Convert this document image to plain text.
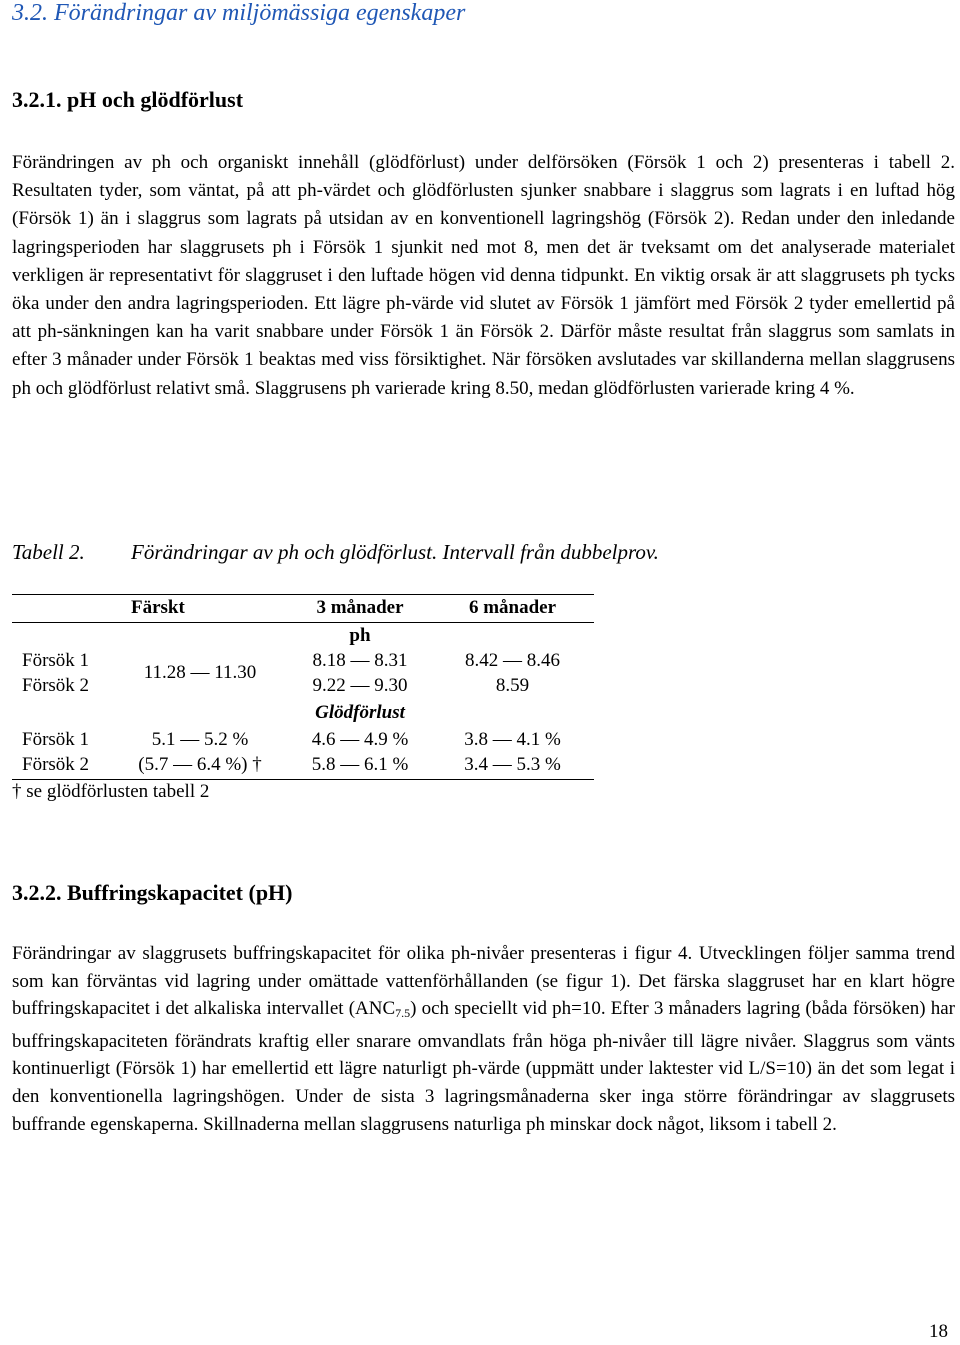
3.2. Förändringar av miljömässiga egenskaper
3.2.1. pH och glödförlust

Förändringen av ph och organiskt innehåll (glödförlust) under delförsöken (Försök 1 och 2) presenteras i tabell 2. Resultaten tyder, som väntat, på att ph-värdet och glödförlusten sjunker snabbare i slaggrus som lagrats i en luftad hög (Försök 1) än i slaggrus som lagrats på utsidan av en konventionell lagringshög (Försök 2). Redan under den inledande lagringsperioden har slaggrusets ph i Försök 1 sjunkit ned mot 8, men det är tveksamt om det analyserade materialet verkligen är representativt för slaggruset i den luftade högen vid denna tidpunkt. En viktig orsak är att slaggrusets ph tycks öka under den andra lagringsperioden. Ett lägre ph-värde vid slutet av Försök 1 jämfört med Försök 2 tyder emellertid på att ph-sänkningen kan ha varit snabbare under Försök 1 än Försök 2. Därför måste resultat från slaggrus som samlats in efter 3 månader under Försök 1 beaktas med viss försiktighet. När försöken avslutades var skillanderna mellan slaggrusens ph och glödförlust relativt små. Slaggrusens ph varierade kring 8.50, medan glödförlusten varierade kring 4 %.

Tabell 2. Förändringar av ph och glödförlust. Intervall från dubbelprov.
Färskt	3 månader	6 månader
ph
Försök 1
Försök 2
11.28 — 11.30
8.18 — 8.31
9.22 — 9.30
8.42 — 8.46
8.59
Glödförlust
Försök 1
Försök 2
5.1 — 5.2 %
(5.7 — 6.4 %) †
4.6 — 4.9 %
5.8 — 6.1 %
3.8 — 4.1 %
3.4 — 5.3 %
† se glödförlusten tabell 2
3.2.2. Buffringskapacitet (pH)

Förändringar av slaggrusets buffringskapacitet för olika ph-nivåer presenteras i figur 4. Utvecklingen följer samma trend som kan förväntas vid lagring under omättade vattenförhållanden (se figur 1). Det färska slaggruset har en klart högre buffringskapacitet i det alkaliska intervallet $(ANC_{7.5})$ och speciellt vid ph=10. Efter 3 månaders lagring (båda försöken) har buffringskapaciteten förändrats kraftig eller snarare omvandlats från höga ph-nivåer till lägre nivåer. Slaggrus som vänts kontinuerligt (Försök 1) har emellertid ett lägre naturligt ph-värde (uppmätt under laktester vid L/S=10) än det som legat i den konventionella lagringshögen. Under de sista 3 lagringsmånaderna sker inga större förändringar av slaggrusets buffrande egenskaperna. Skillnaderna mellan slaggrusens naturliga ph minskar dock något, liksom i tabell 2.

18
